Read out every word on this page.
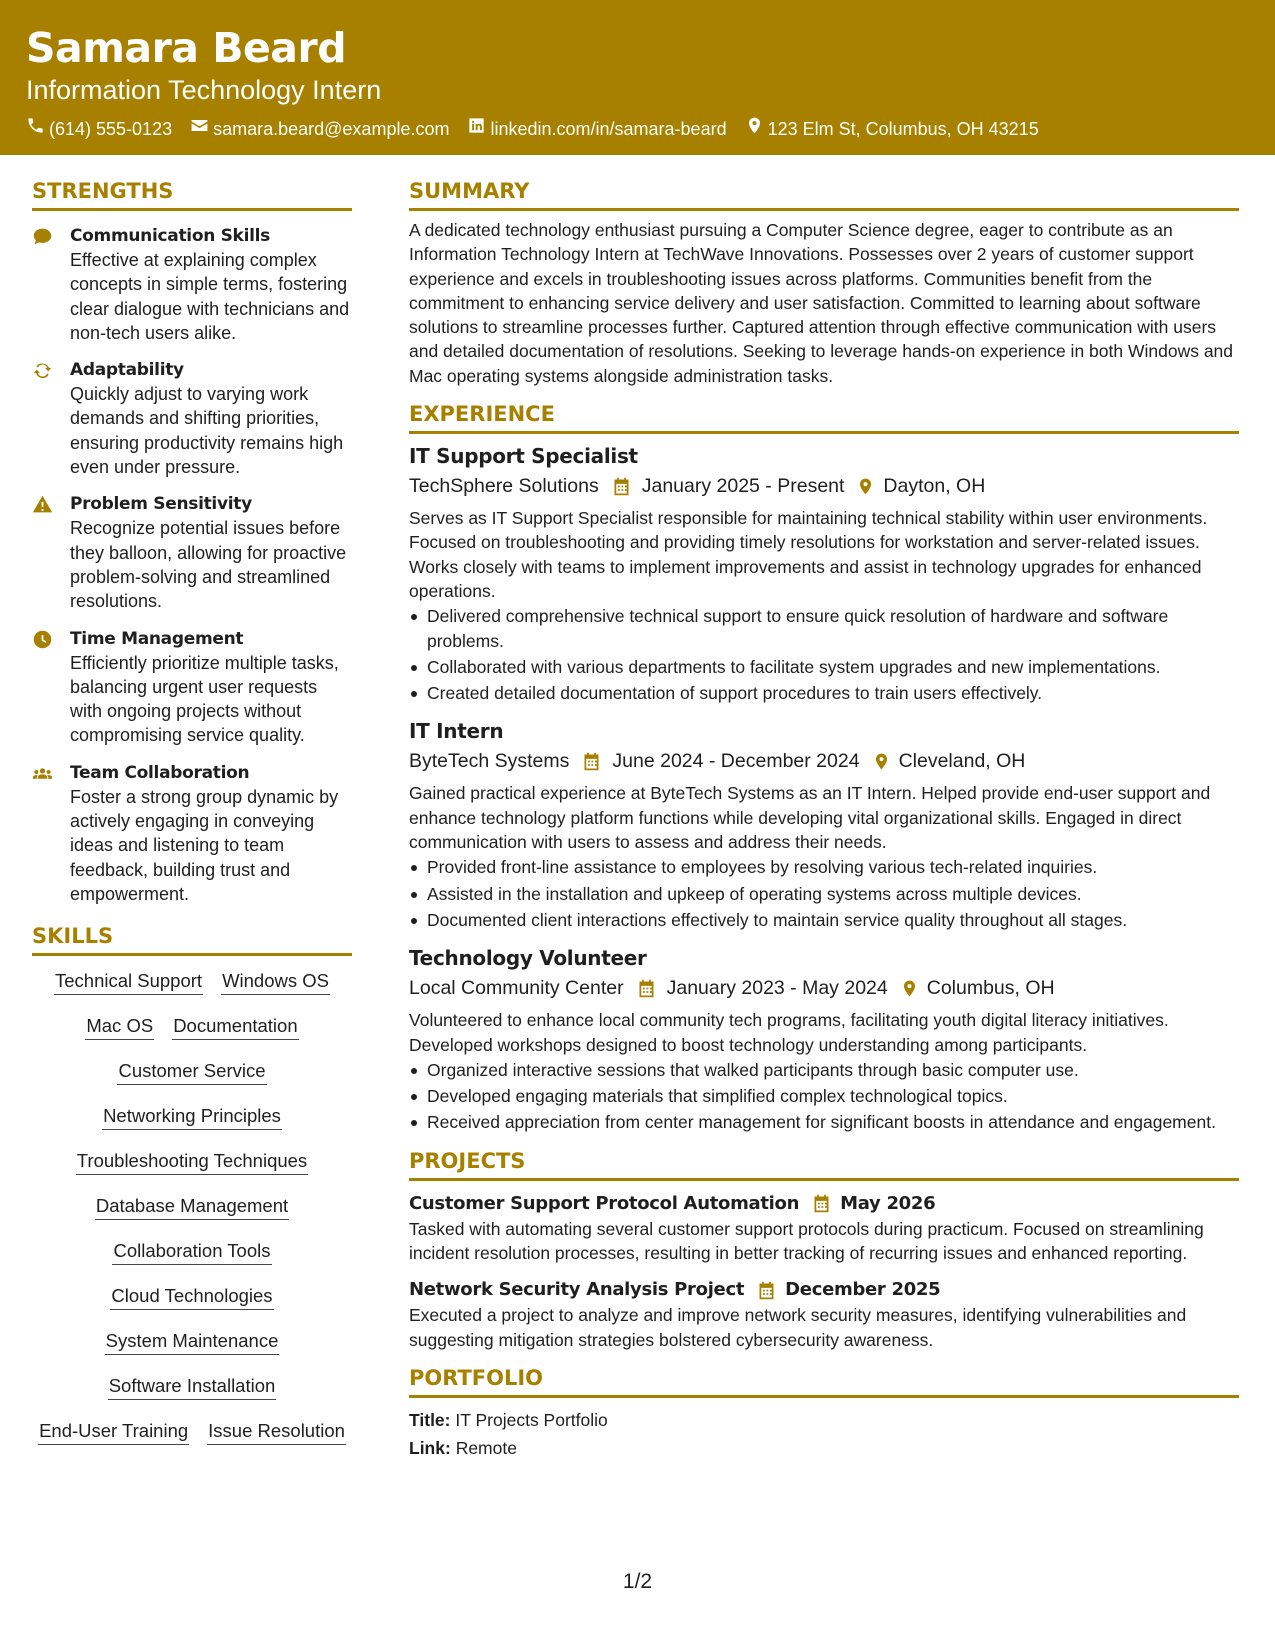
Samara Beard
Information Technology Intern
(614) 555-0123 samara.beard@example.com linkedin.com/in/samara-beard 123 Elm St, Columbus, OH 43215
STRENGTHS
Communication Skills
Effective at explaining complex concepts in simple terms, fostering clear dialogue with technicians and non-tech users alike.
Adaptability
Quickly adjust to varying work demands and shifting priorities, ensuring productivity remains high even under pressure.
Problem Sensitivity
Recognize potential issues before they balloon, allowing for proactive problem-solving and streamlined resolutions.
Time Management
Efficiently prioritize multiple tasks, balancing urgent user requests with ongoing projects without compromising service quality.
Team Collaboration
Foster a strong group dynamic by actively engaging in conveying ideas and listening to team feedback, building trust and empowerment.
SKILLS
Technical Support Windows OS
Mac OS Documentation
Customer Service
Networking Principles
Troubleshooting Techniques
Database Management
Collaboration Tools
Cloud Technologies
System Maintenance
Software Installation
End-User Training Issue Resolution
SUMMARY
A dedicated technology enthusiast pursuing a Computer Science degree, eager to contribute as an Information Technology Intern at TechWave Innovations. Possesses over 2 years of customer support experience and excels in troubleshooting issues across platforms. Communities benefit from the commitment to enhancing service delivery and user satisfaction. Committed to learning about software solutions to streamline processes further. Captured attention through effective communication with users and detailed documentation of resolutions. Seeking to leverage hands-on experience in both Windows and Mac operating systems alongside administration tasks.
EXPERIENCE
IT Support Specialist
TechSphere Solutions January 2025 - Present Dayton, OH
Serves as IT Support Specialist responsible for maintaining technical stability within user environments. Focused on troubleshooting and providing timely resolutions for workstation and server-related issues. Works closely with teams to implement improvements and assist in technology upgrades for enhanced operations.
Delivered comprehensive technical support to ensure quick resolution of hardware and software problems.
Collaborated with various departments to facilitate system upgrades and new implementations.
Created detailed documentation of support procedures to train users effectively.
IT Intern
ByteTech Systems June 2024 - December 2024 Cleveland, OH
Gained practical experience at ByteTech Systems as an IT Intern. Helped provide end-user support and enhance technology platform functions while developing vital organizational skills. Engaged in direct communication with users to assess and address their needs.
Provided front-line assistance to employees by resolving various tech-related inquiries.
Assisted in the installation and upkeep of operating systems across multiple devices.
Documented client interactions effectively to maintain service quality throughout all stages.
Technology Volunteer
Local Community Center January 2023 - May 2024 Columbus, OH
Volunteered to enhance local community tech programs, facilitating youth digital literacy initiatives. Developed workshops designed to boost technology understanding among participants.
Organized interactive sessions that walked participants through basic computer use.
Developed engaging materials that simplified complex technological topics.
Received appreciation from center management for significant boosts in attendance and engagement.
PROJECTS
Customer Support Protocol Automation May 2026
Tasked with automating several customer support protocols during practicum. Focused on streamlining incident resolution processes, resulting in better tracking of recurring issues and enhanced reporting.
Network Security Analysis Project December 2025
Executed a project to analyze and improve network security measures, identifying vulnerabilities and suggesting mitigation strategies bolstered cybersecurity awareness.
PORTFOLIO
Title: IT Projects Portfolio
Link: Remote
1/2
